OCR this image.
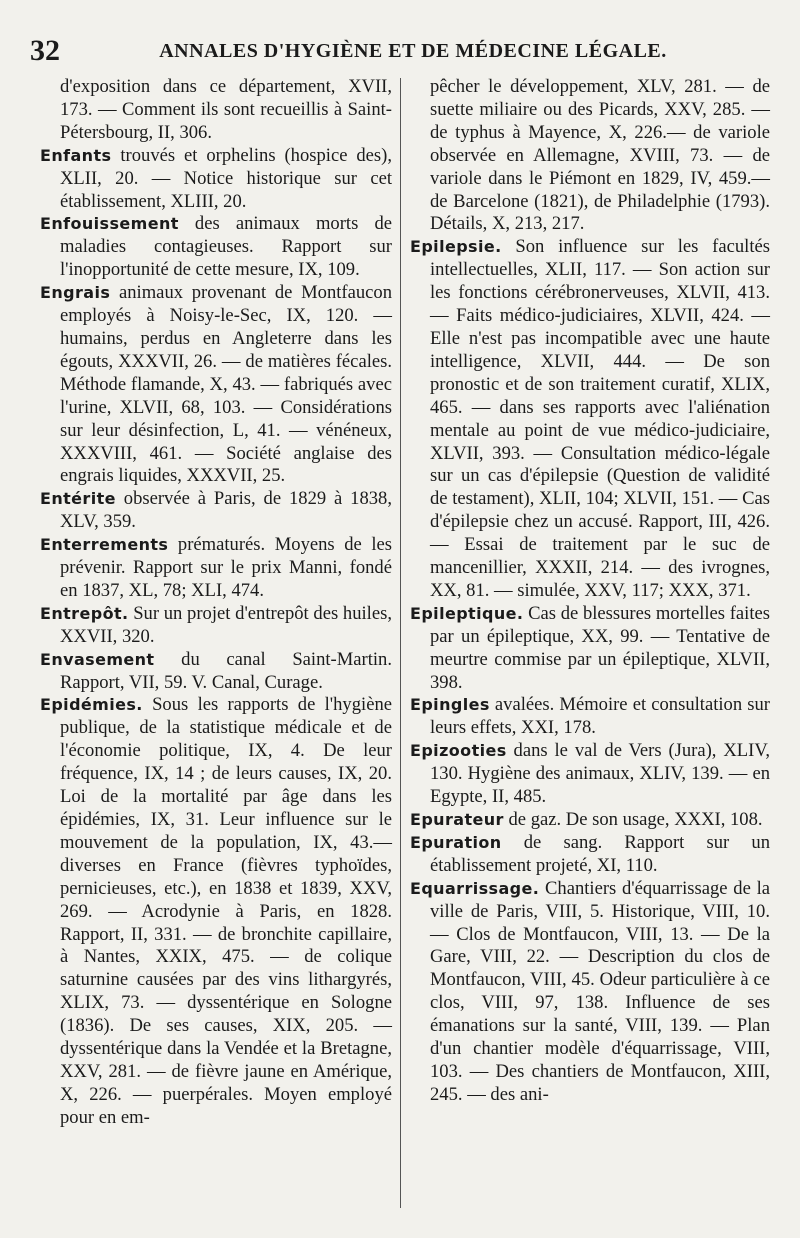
32	ANNALES D'HYGIÈNE ET DE MÉDECINE LÉGALE.

d'exposition dans ce département, XVII, 173. — Comment ils sont recueillis à Saint-Pétersbourg, II, 306.

Enfants trouvés et orphelins (hospice des), XLII, 20. — Notice historique sur cet établissement, XLIII, 20.

Enfouissement des animaux morts de maladies contagieuses. Rapport sur l'inopportunité de cette mesure, IX, 109.

Engrais animaux provenant de Montfaucon employés à Noisy-le-Sec, IX, 120. — humains, perdus en Angleterre dans les égouts, XXXVII, 26. — de matières fécales. Méthode flamande, X, 43. — fabriqués avec l'urine, XLVII, 68, 103. — Considérations sur leur désinfection, L, 41. — vénéneux, XXXVIII, 461. — Société anglaise des engrais liquides, XXXVII, 25.

Entérite observée à Paris, de 1829 à 1838, XLV, 359.

Enterrements prématurés. Moyens de les prévenir. Rapport sur le prix Manni, fondé en 1837, XL, 78; XLI, 474.

Entrepôt. Sur un projet d'entrepôt des huiles, XXVII, 320.

Envasement du canal Saint-Martin. Rapport, VII, 59. V. Canal, Curage.

Epidémies. Sous les rapports de l'hygiène publique, de la statistique médicale et de l'économie politique, IX, 4. De leur fréquence, IX, 14 ; de leurs causes, IX, 20. Loi de la mortalité par âge dans les épidémies, IX, 31. Leur influence sur le mouvement de la population, IX, 43.— diverses en France (fièvres typhoïdes, pernicieuses, etc.), en 1838 et 1839, XXV, 269. — Acrodynie à Paris, en 1828. Rapport, II, 331. — de bronchite capillaire, à Nantes, XXIX, 475. — de colique saturnine causées par des vins lithargyrés, XLIX, 73. — dyssentérique en Sologne (1836). De ses causes, XIX, 205. — dyssentérique dans la Vendée et la Bretagne, XXV, 281. — de fièvre jaune en Amérique, X, 226. — puerpérales. Moyen employé pour en em-

pêcher le développement, XLV, 281. — de suette miliaire ou des Picards, XXV, 285. — de typhus à Mayence, X, 226.— de variole observée en Allemagne, XVIII, 73. — de variole dans le Piémont en 1829, IV, 459.— de Barcelone (1821), de Philadelphie (1793). Détails, X, 213, 217.

Epilepsie. Son influence sur les facultés intellectuelles, XLII, 117. — Son action sur les fonctions cérébronerveuses, XLVII, 413. — Faits médico-judiciaires, XLVII, 424. — Elle n'est pas incompatible avec une haute intelligence, XLVII, 444. — De son pronostic et de son traitement curatif, XLIX, 465. — dans ses rapports avec l'aliénation mentale au point de vue médico-judiciaire, XLVII, 393. — Consultation médico-légale sur un cas d'épilepsie (Question de validité de testament), XLII, 104; XLVII, 151. — Cas d'épilepsie chez un accusé. Rapport, III, 426. — Essai de traitement par le suc de mancenillier, XXXII, 214. — des ivrognes, XX, 81. — simulée, XXV, 117; XXX, 371.

Epileptique. Cas de blessures mortelles faites par un épileptique, XX, 99. — Tentative de meurtre commise par un épileptique, XLVII, 398.

Epingles avalées. Mémoire et consultation sur leurs effets, XXI, 178.

Epizooties dans le val de Vers (Jura), XLIV, 130. Hygiène des animaux, XLIV, 139. — en Egypte, II, 485.

Epurateur de gaz. De son usage, XXXI, 108.

Epuration de sang. Rapport sur un établissement projeté, XI, 110.

Equarrissage. Chantiers d'équarrissage de la ville de Paris, VIII, 5. Historique, VIII, 10. — Clos de Montfaucon, VIII, 13. — De la Gare, VIII, 22. — Description du clos de Montfaucon, VIII, 45. Odeur particulière à ce clos, VIII, 97, 138. Influence de ses émanations sur la santé, VIII, 139. — Plan d'un chantier modèle d'équarrissage, VIII, 103. — Des chantiers de Montfaucon, XIII, 245. — des ani-
